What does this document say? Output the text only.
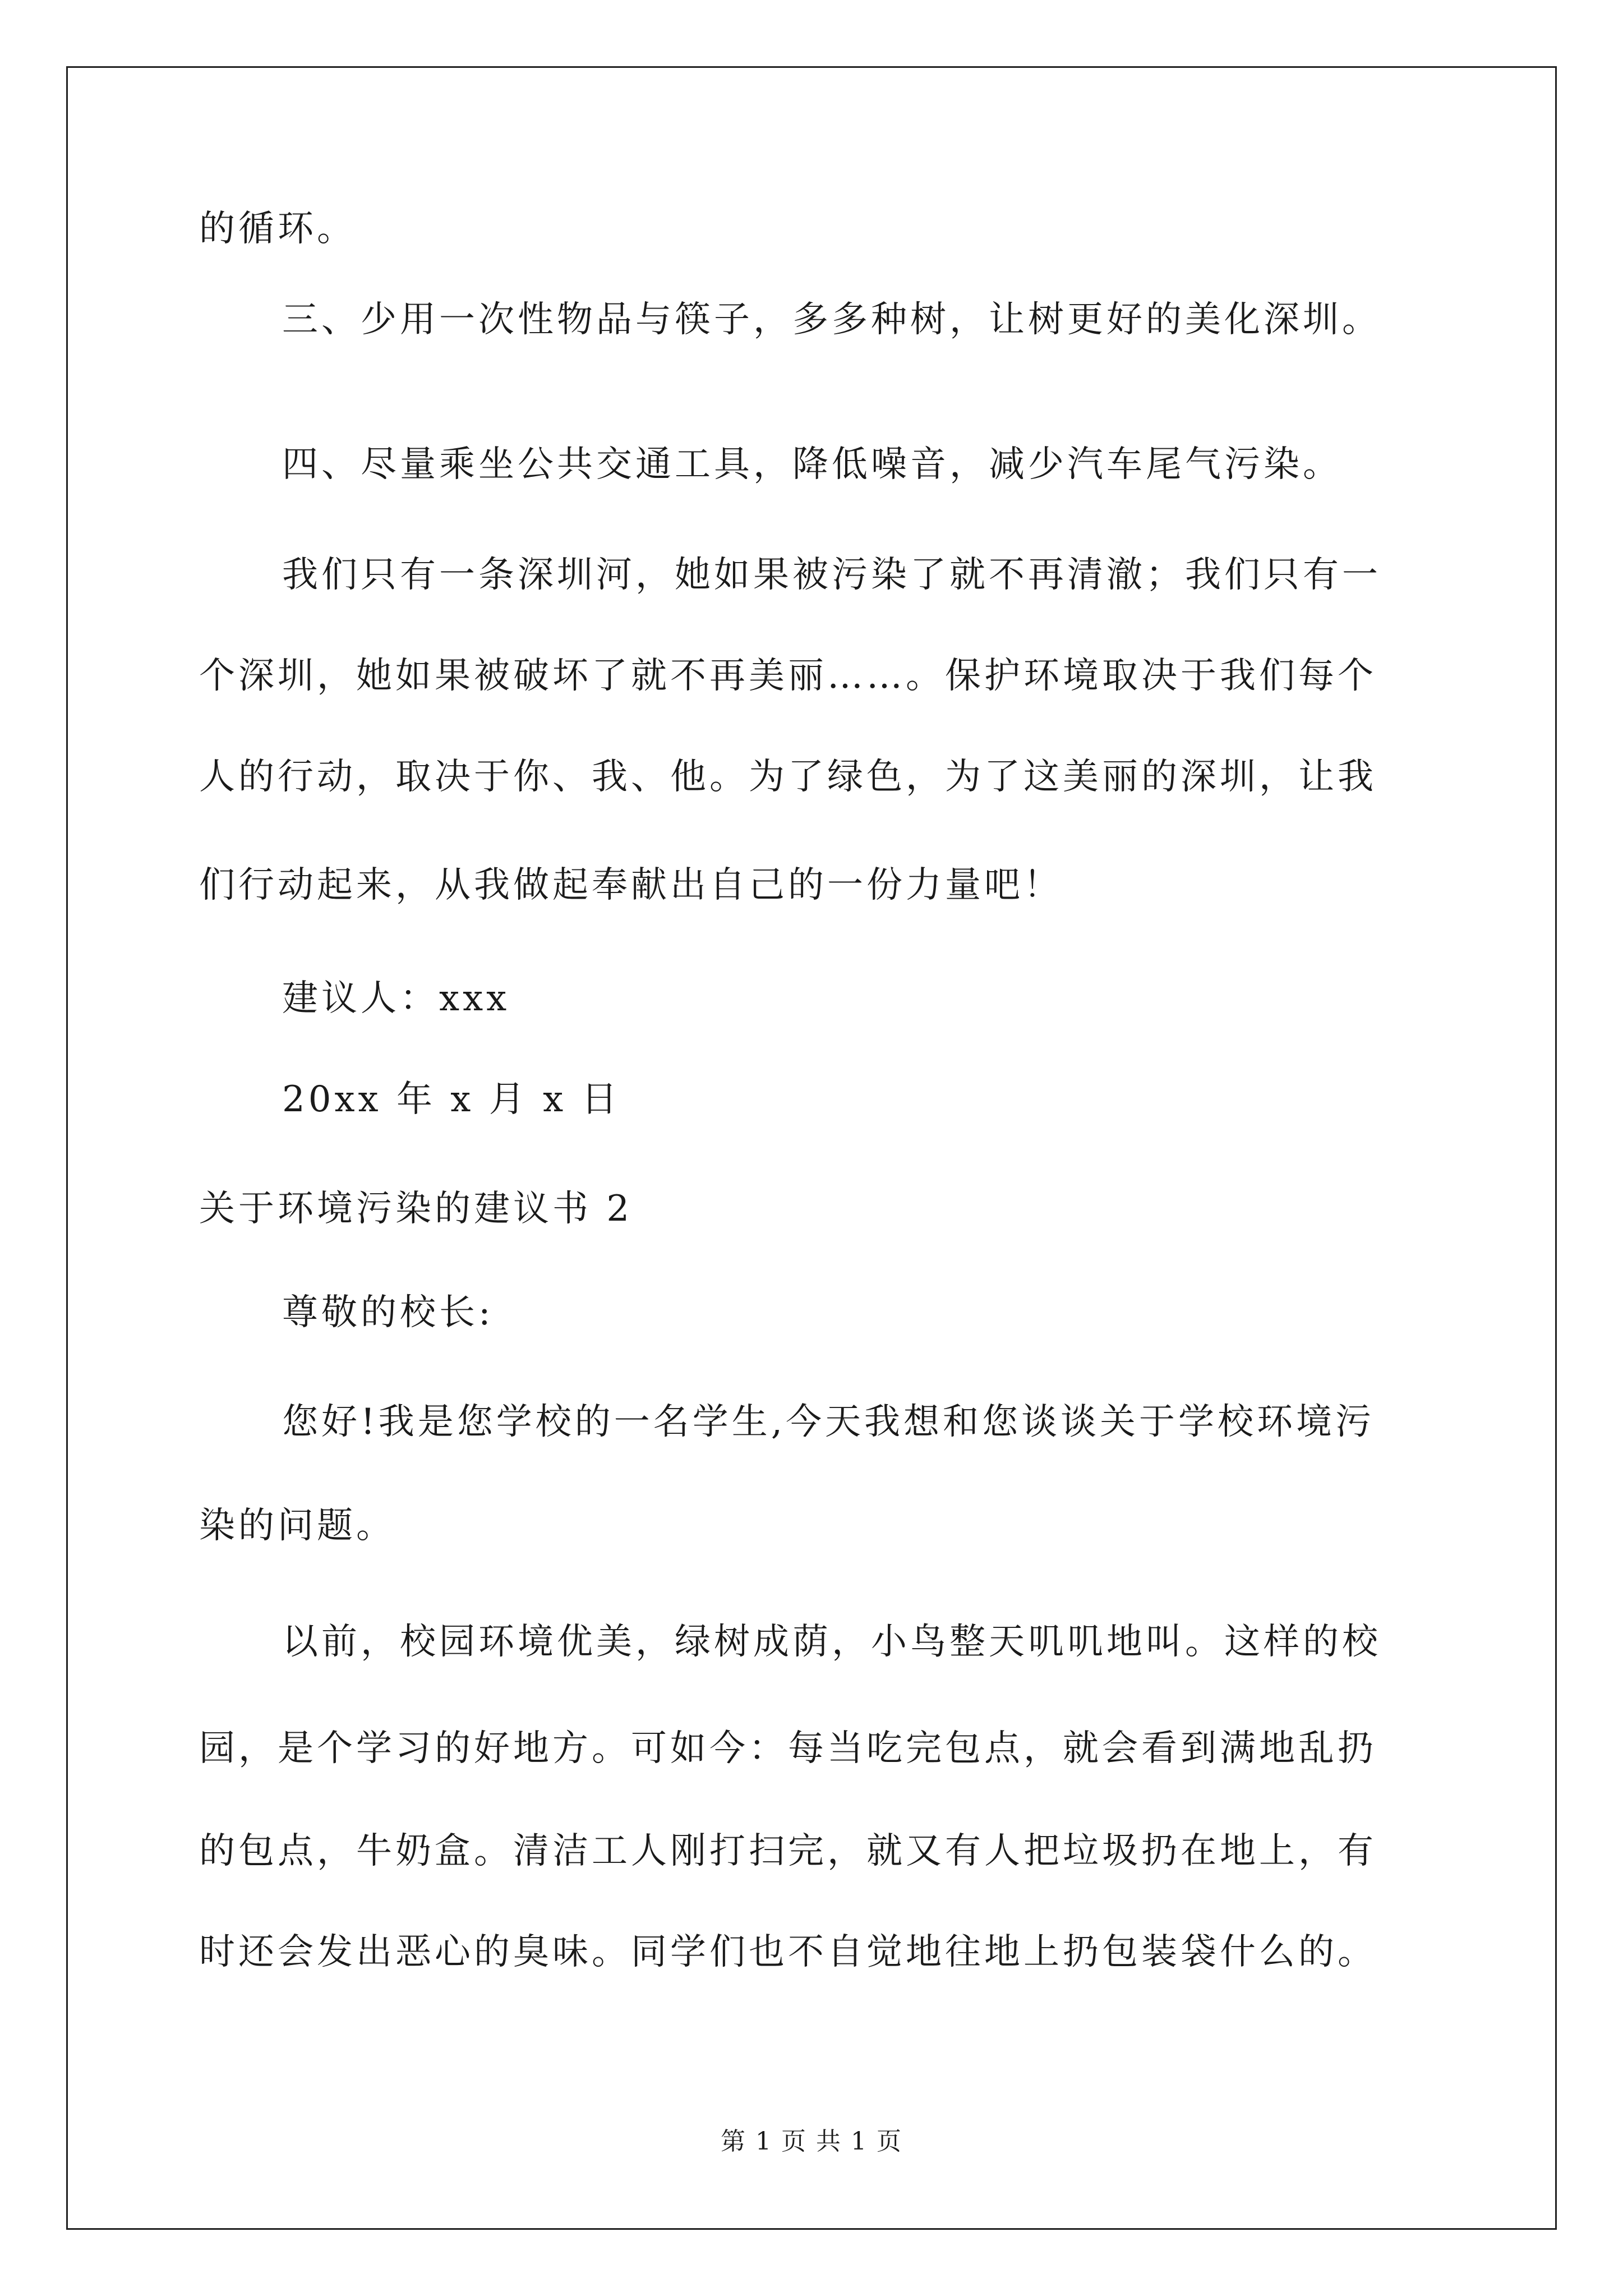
的循环。
三、少用一次性物品与筷子，多多种树，让树更好的美化深圳。
四、尽量乘坐公共交通工具，降低噪音，减少汽车尾气污染。
我们只有一条深圳河，她如果被污染了就不再清澈；我们只有一
个深圳，她如果被破坏了就不再美丽……。保护环境取决于我们每个
人的行动，取决于你、我、他。为了绿色，为了这美丽的深圳，让我
们行动起来，从我做起奉献出自己的一份力量吧！
建议人：xxx
20xx 年 x 月 x 日
关于环境污染的建议书 2
尊敬的校长:
您好!我是您学校的一名学生,今天我想和您谈谈关于学校环境污
染的问题。
以前，校园环境优美，绿树成荫，小鸟整天叽叽地叫。这样的校
园，是个学习的好地方。可如今：每当吃完包点，就会看到满地乱扔
的包点，牛奶盒。清洁工人刚打扫完，就又有人把垃圾扔在地上，有
时还会发出恶心的臭味。同学们也不自觉地往地上扔包装袋什么的。
第 1 页 共 1 页
